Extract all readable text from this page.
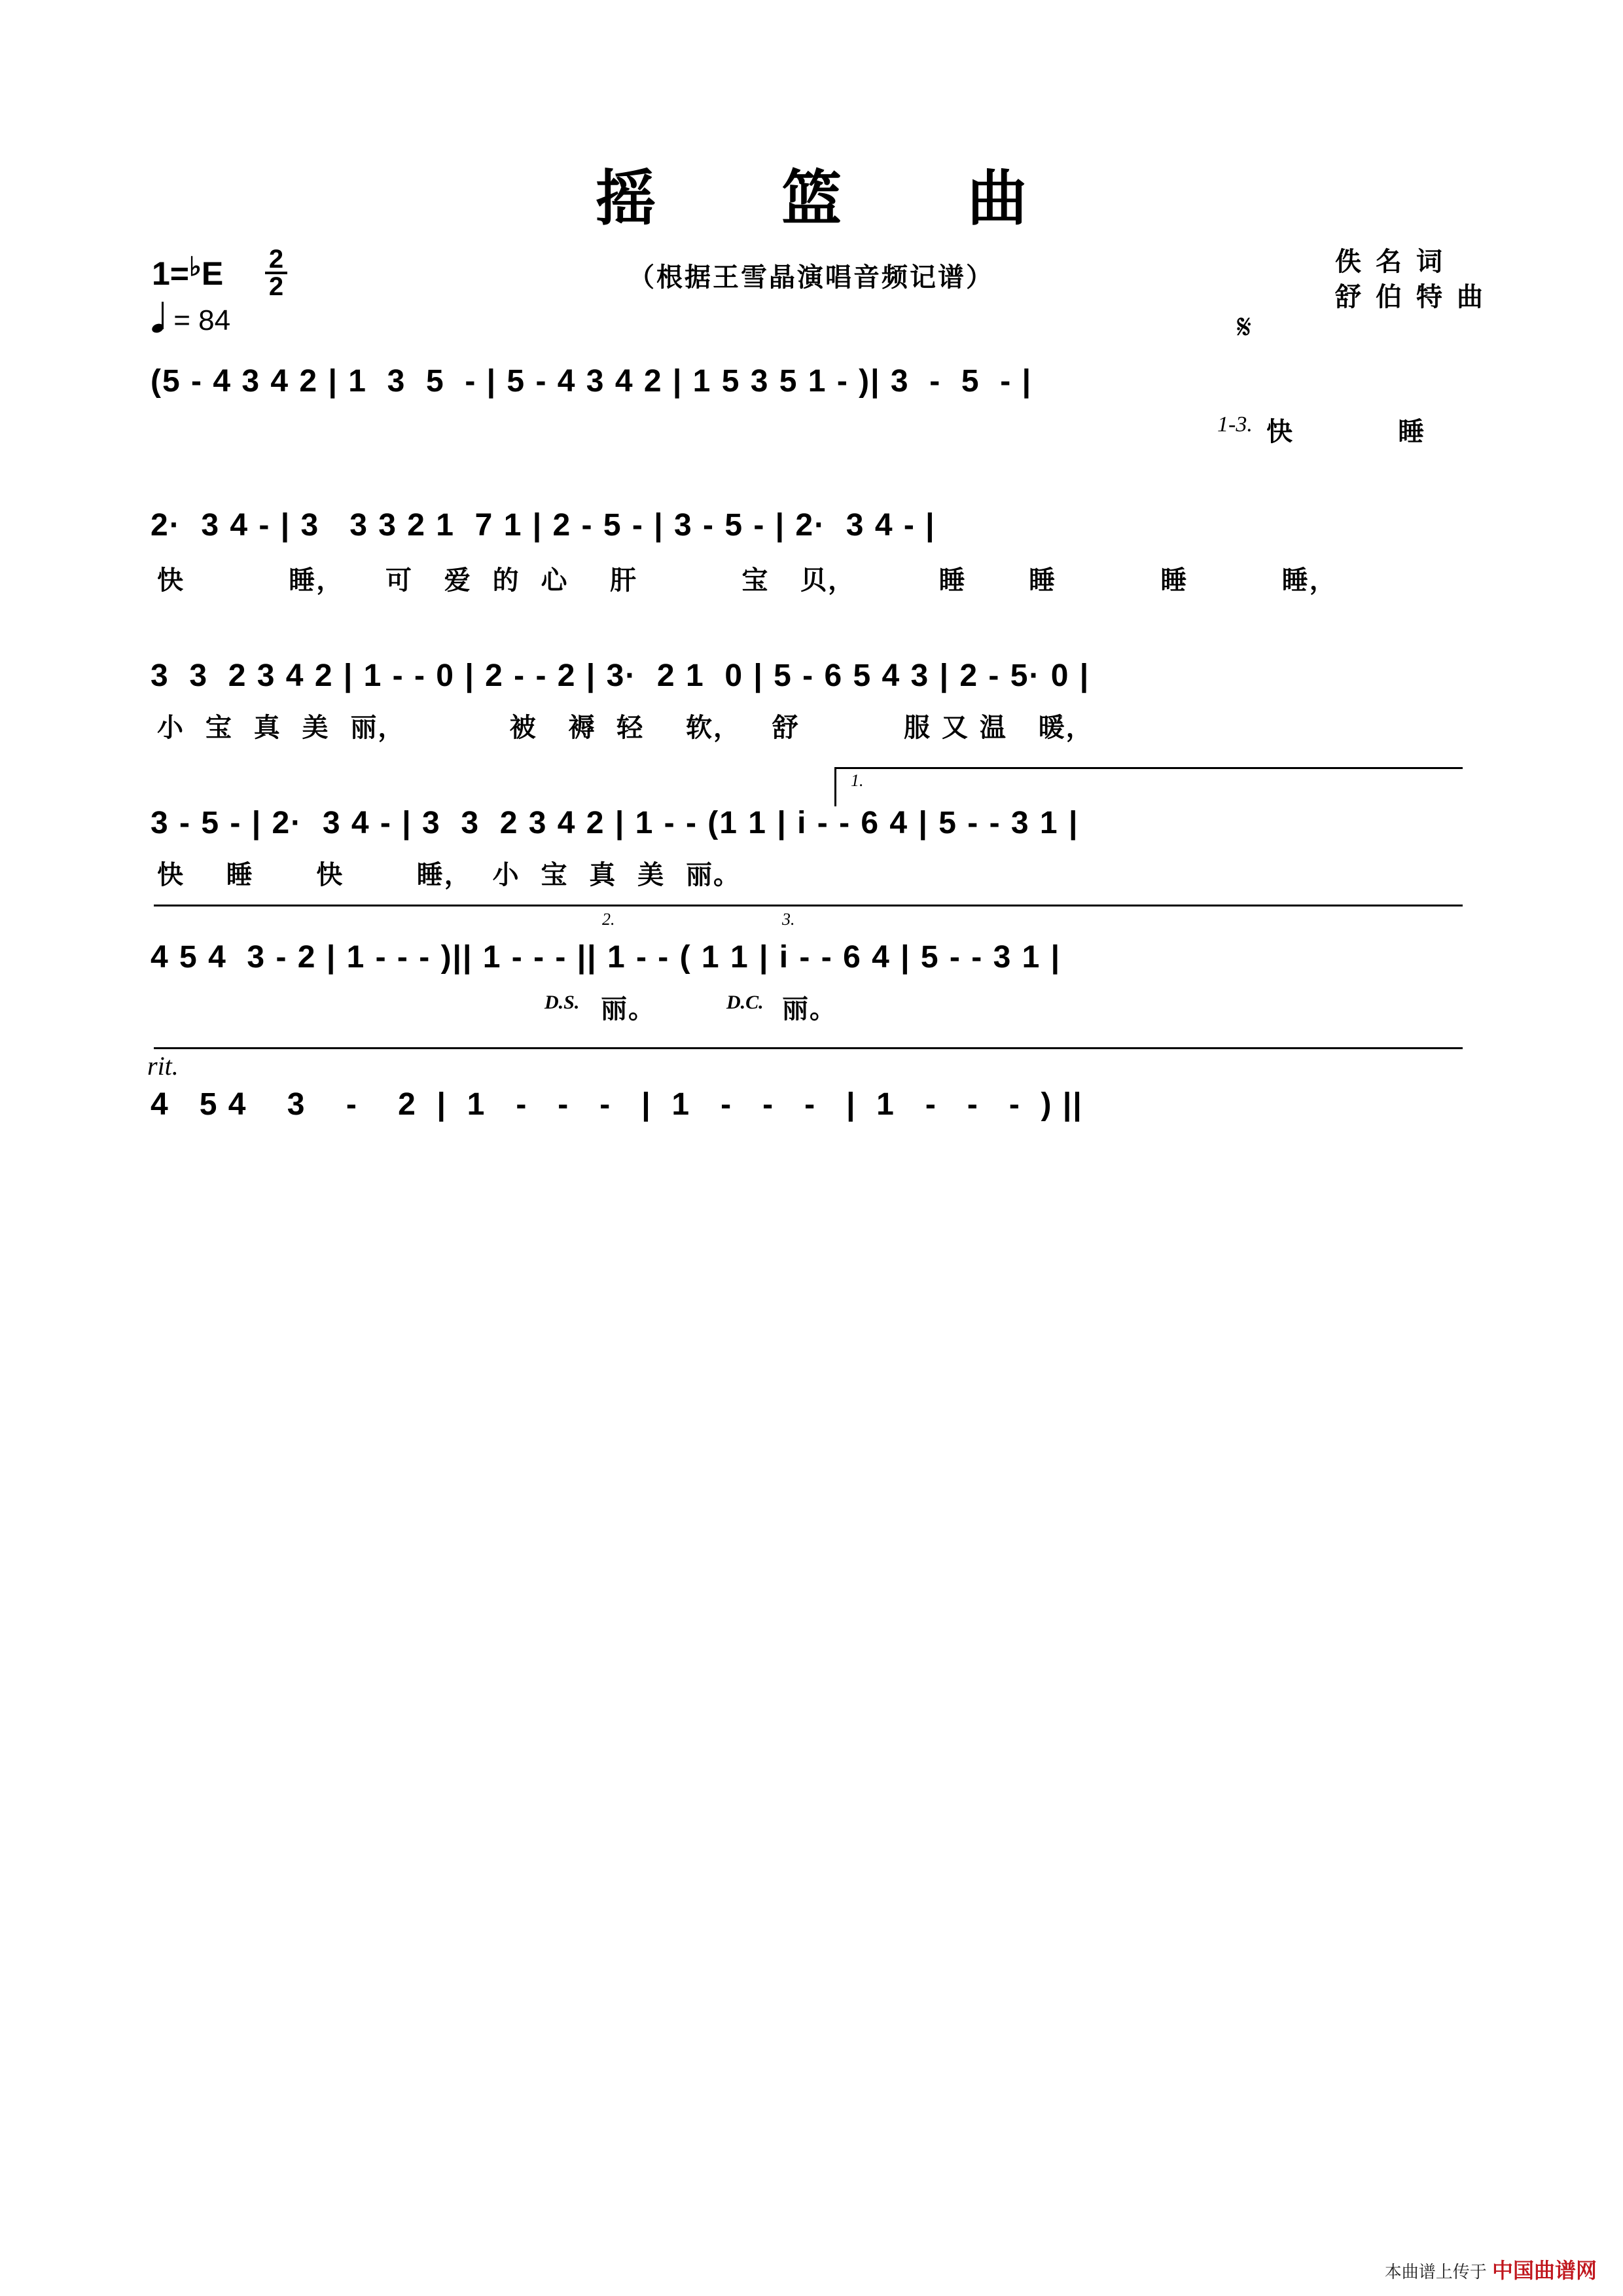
摇 篮 曲
1=♭E 2
2
= 84
（根据王雪晶演唱音频记谱）
佚名词
舒伯特曲
𝄋
(5 - 4 3 4 2 | 1  3  5  - | 5 - 4 3 4 2 | 1 5 3 5 1 - )| 3  -  5  - |
1-3. 快          睡
2·  3 4 - | 3   3 3 2 1  7 1 | 2 - 5 - | 3 - 5 - | 2·  3 4 - |
快          睡，    可   爱  的  心    肝          宝   贝，        睡      睡          睡         睡，
3  3  2 3 4 2 | 1 - - 0 | 2 - - 2 | 3·  2 1  0 | 5 - 6 5 4 3 | 2 - 5· 0 |
小  宝  真  美  丽，          被   褥  轻    软，   舒          服 又 温   暖，
1.
3 - 5 - | 2·  3 4 - | 3  3  2 3 4 2 | 1 - - (1 1 | i - - 6 4 | 5 - - 3 1 |
快    睡      快       睡，  小  宝  真  美  丽。
2.	3.
4 5 4  3 - 2 | 1 - - - )|| 1 - - - || 1 - - ( 1 1 | i - - 6 4 | 5 - - 3 1 |
D.S. 丽。	D.C. 丽。
rit.
4   5 4    3    -    2  |  1   -   -   -   |  1   -   -   -   |  1   -   -   -  ) ||
本曲谱上传于 中国曲谱网
